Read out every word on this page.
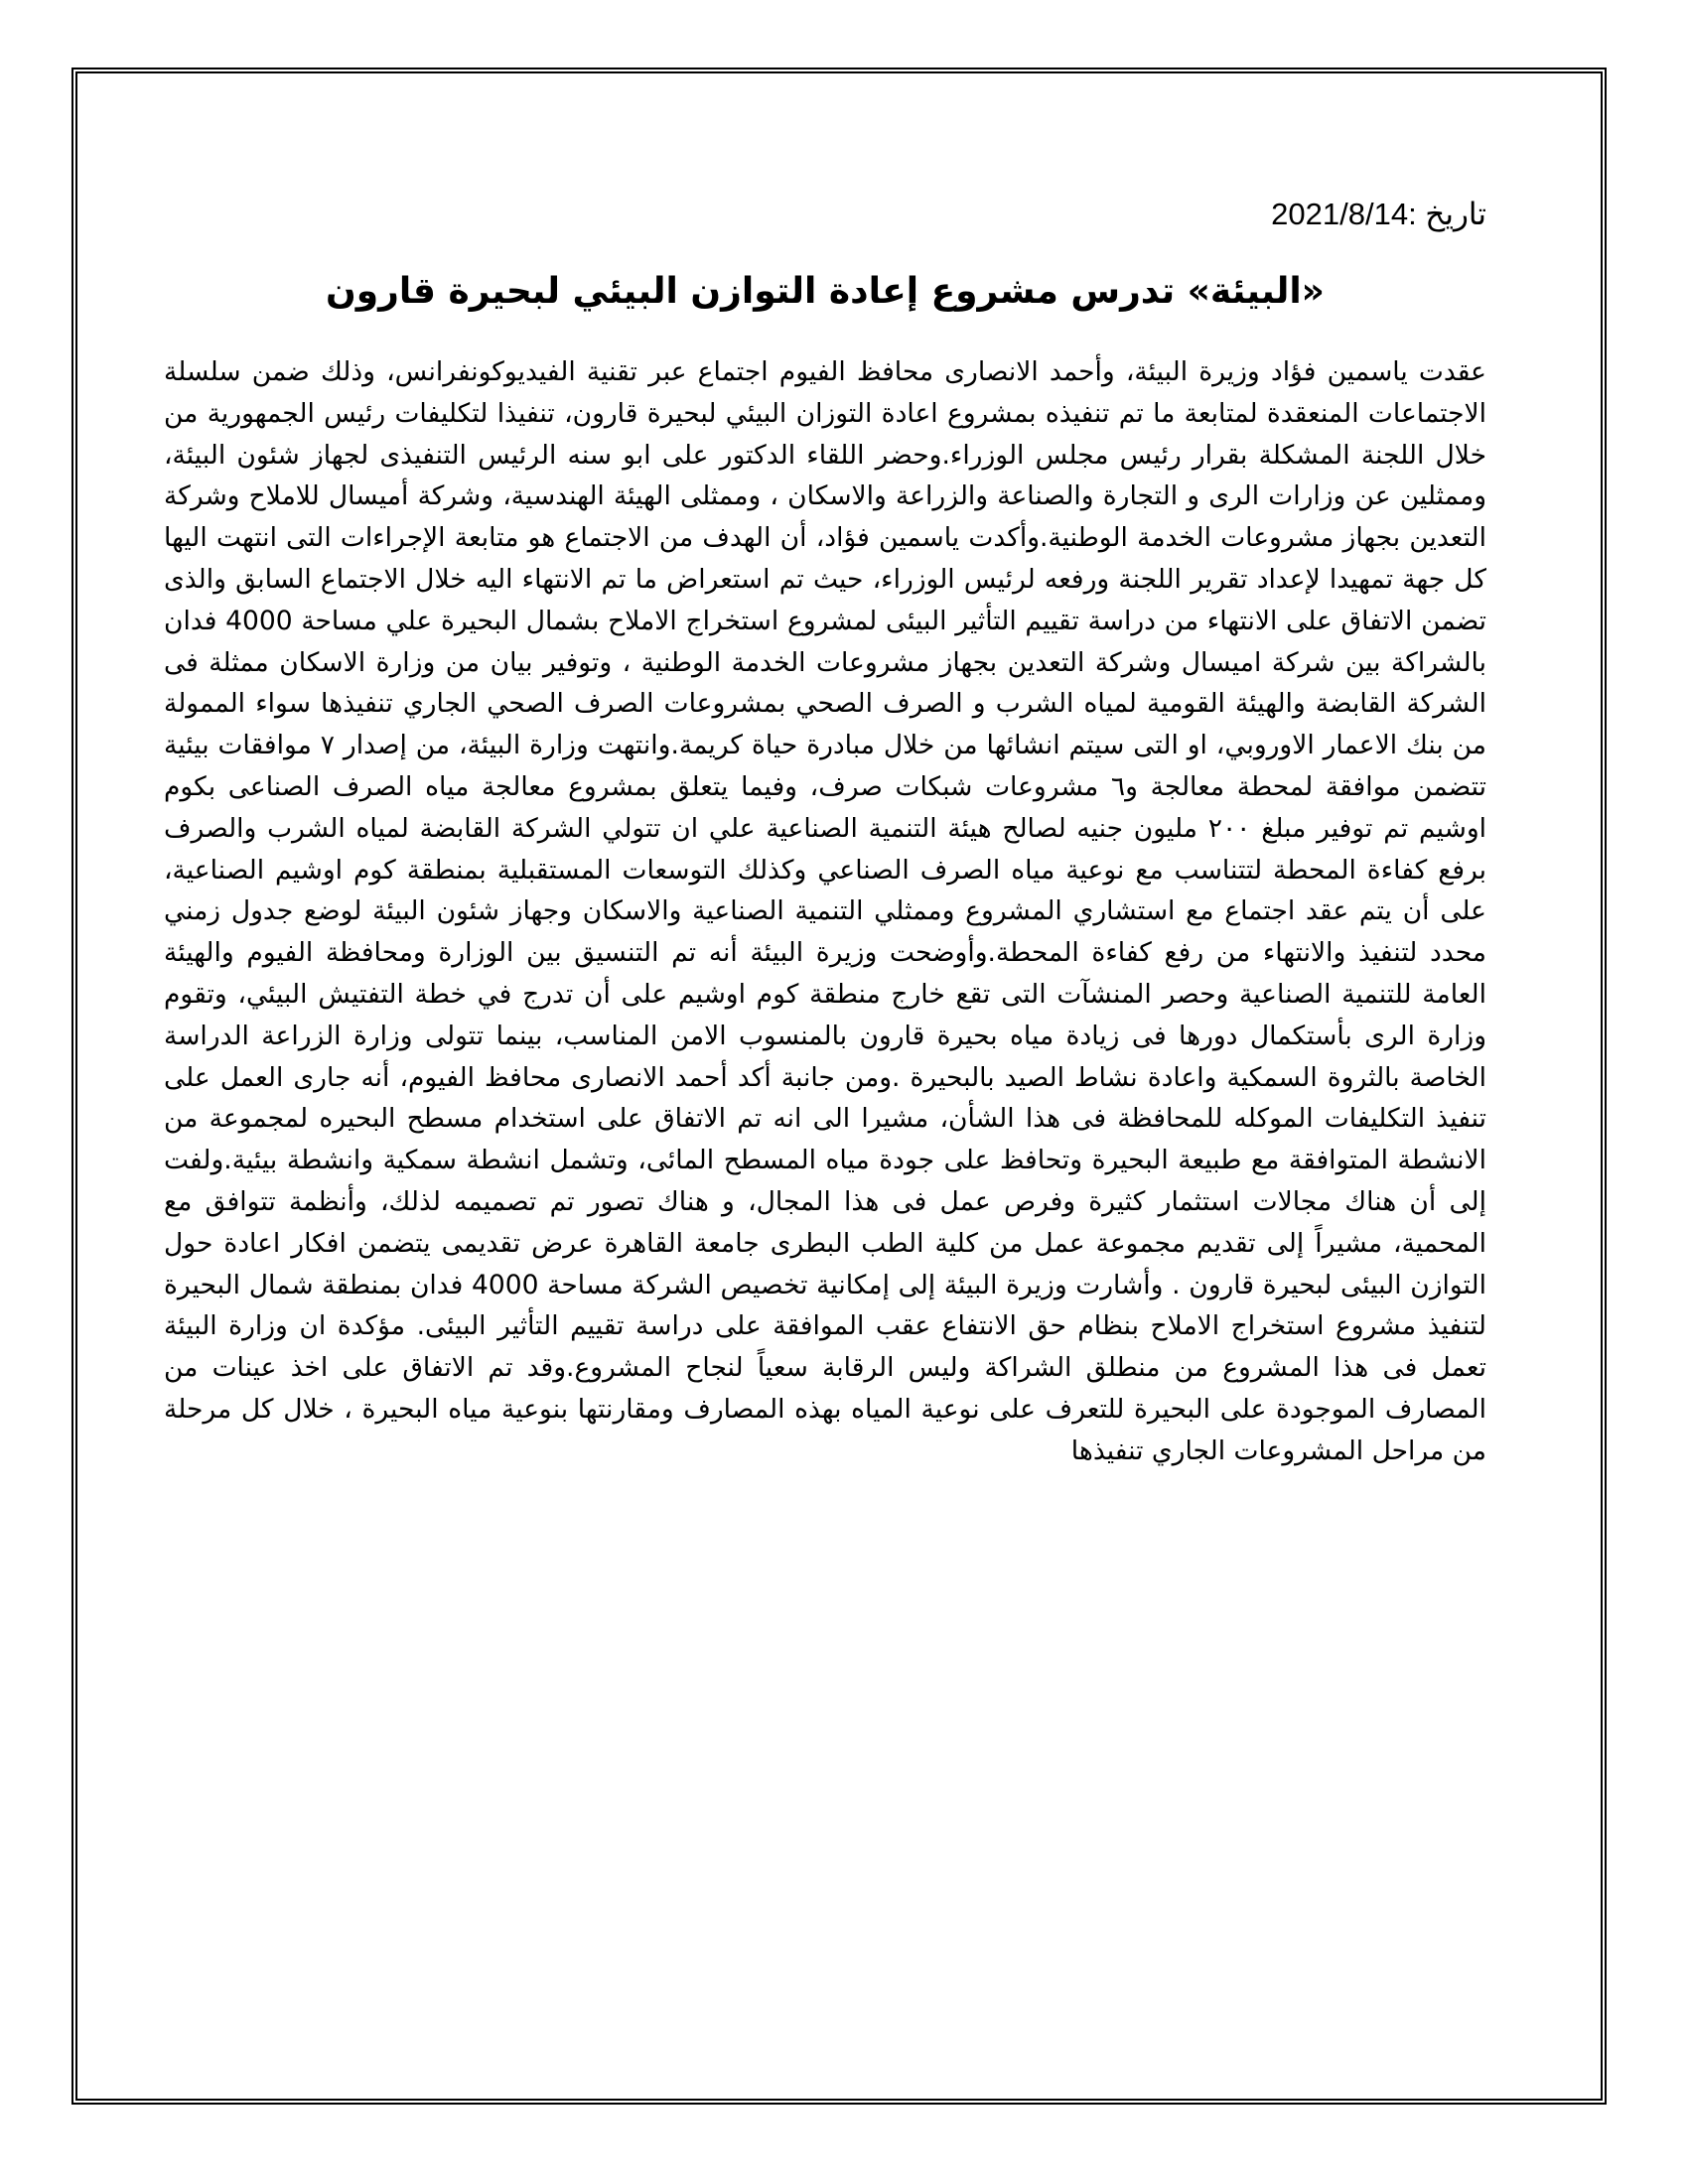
تاريخ :2021/8/14
«البيئة» تدرس مشروع إعادة التوازن البيئي لبحيرة قارون

عقدت ياسمين فؤاد وزيرة البيئة، وأحمد الانصارى محافظ الفيوم اجتماع عبر تقنية الفيديوكونفرانس، وذلك ضمن سلسلة الاجتماعات المنعقدة لمتابعة ما تم تنفيذه بمشروع اعادة التوزان البيئي لبحيرة قارون، تنفيذا لتكليفات رئيس الجمهورية من خلال اللجنة المشكلة بقرار رئيس مجلس الوزراء.وحضر اللقاء الدكتور على ابو سنه الرئيس التنفيذى لجهاز شئون البيئة، وممثلين عن وزارات الرى و التجارة والصناعة والزراعة والاسكان ، وممثلى الهيئة الهندسية، وشركة أميسال للاملاح وشركة التعدين بجهاز مشروعات الخدمة الوطنية.وأكدت ياسمين فؤاد، أن الهدف من الاجتماع هو متابعة الإجراءات التى انتهت اليها كل جهة تمهيدا لإعداد تقرير اللجنة ورفعه لرئيس الوزراء، حيث تم استعراض ما تم الانتهاء اليه خلال الاجتماع السابق والذى تضمن الاتفاق على الانتهاء من دراسة تقييم التأثير البيئى لمشروع استخراج الاملاح بشمال البحيرة علي مساحة 4000 فدان بالشراكة بين شركة اميسال وشركة التعدين بجهاز مشروعات الخدمة الوطنية ، وتوفير بيان من وزارة الاسكان ممثلة فى الشركة القابضة والهيئة القومية لمياه الشرب و الصرف الصحي بمشروعات الصرف الصحي الجاري تنفيذها سواء الممولة من بنك الاعمار الاوروبي، او التى سيتم انشائها من خلال مبادرة حياة كريمة.وانتهت وزارة البيئة، من إصدار ٧ موافقات بيئية تتضمن موافقة لمحطة معالجة و٦ مشروعات شبكات صرف، وفيما يتعلق بمشروع معالجة مياه الصرف الصناعى بكوم اوشيم تم توفير مبلغ ٢٠٠ مليون جنيه لصالح هيئة التنمية الصناعية علي ان تتولي الشركة القابضة لمياه الشرب والصرف برفع كفاءة المحطة لتتناسب مع نوعية مياه الصرف الصناعي وكذلك التوسعات المستقبلية بمنطقة كوم اوشيم الصناعية، على أن يتم عقد اجتماع مع استشاري المشروع وممثلي التنمية الصناعية والاسكان وجهاز شئون البيئة لوضع جدول زمني محدد لتنفيذ والانتهاء من رفع كفاءة المحطة.وأوضحت وزيرة البيئة أنه تم التنسيق بين الوزارة ومحافظة الفيوم والهيئة العامة للتنمية الصناعية وحصر المنشآت التى تقع خارج منطقة كوم اوشيم على أن تدرج في خطة التفتيش البيئي، وتقوم وزارة الرى بأستكمال دورها فى زيادة مياه بحيرة قارون بالمنسوب الامن المناسب، بينما تتولى وزارة الزراعة الدراسة الخاصة بالثروة السمكية واعادة نشاط الصيد بالبحيرة .ومن جانبة أكد أحمد الانصارى محافظ الفيوم، أنه جارى العمل على تنفيذ التكليفات الموكله للمحافظة فى هذا الشأن، مشيرا الى انه تم الاتفاق على استخدام مسطح البحيره لمجموعة من الانشطة المتوافقة مع طبيعة البحيرة وتحافظ على جودة مياه المسطح المائى، وتشمل انشطة سمكية وانشطة بيئية.ولفت إلى أن هناك مجالات استثمار كثيرة وفرص عمل فى هذا المجال، و هناك تصور تم تصميمه لذلك، وأنظمة تتوافق مع المحمية، مشيراً إلى تقديم مجموعة عمل من كلية الطب البطرى جامعة القاهرة عرض تقديمى يتضمن افكار اعادة حول التوازن البيئى لبحيرة قارون . وأشارت وزيرة البيئة إلى إمكانية تخصيص الشركة مساحة 4000 فدان بمنطقة شمال البحيرة لتنفيذ مشروع استخراج الاملاح بنظام حق الانتفاع عقب الموافقة على دراسة تقييم التأثير البيئى. مؤكدة ان وزارة البيئة تعمل فى هذا المشروع من منطلق الشراكة وليس الرقابة سعياً لنجاح المشروع.وقد تم الاتفاق على اخذ عينات من المصارف الموجودة على البحيرة للتعرف على نوعية المياه بهذه المصارف ومقارنتها بنوعية مياه البحيرة ، خلال كل مرحلة من مراحل المشروعات الجاري تنفيذها
